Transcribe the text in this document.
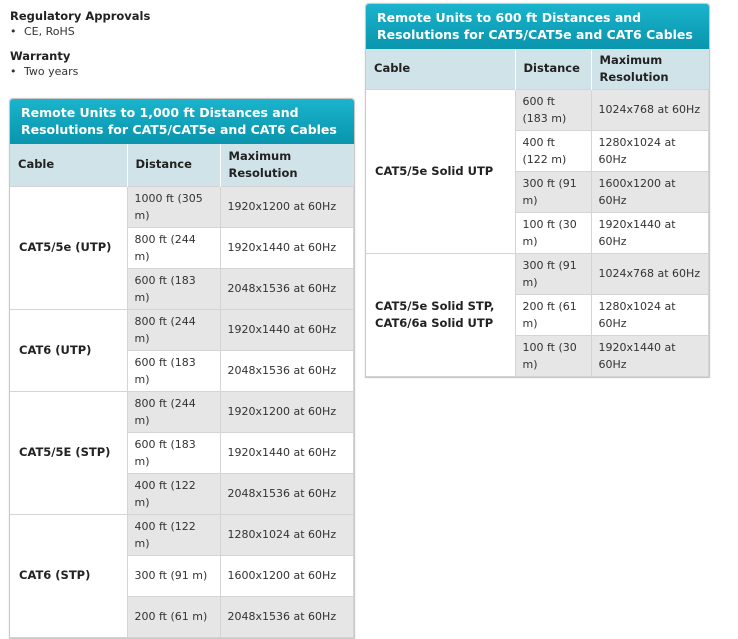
Regulatory Approvals
• CE, RoHS
Warranty
• Two years
Remote Units to 1,000 ft Distances and Resolutions for CAT5/CAT5e and CAT6 Cables
Cable	Distance	Maximum Resolution
CAT5/5e (UTP)	1000 ft (305 m)	1920x1200 at 60Hz
	800 ft (244 m)	1920x1440 at 60Hz
	600 ft (183 m)	2048x1536 at 60Hz
CAT6 (UTP)	800 ft (244 m)	1920x1440 at 60Hz
	600 ft (183 m)	2048x1536 at 60Hz
CAT5/5E (STP)	800 ft (244 m)	1920x1200 at 60Hz
	600 ft (183 m)	1920x1440 at 60Hz
	400 ft (122 m)	2048x1536 at 60Hz
CAT6 (STP)	400 ft (122 m)	1280x1024 at 60Hz
	300 ft (91 m)	1600x1200 at 60Hz
	200 ft (61 m)	2048x1536 at 60Hz
Remote Units to 600 ft Distances and Resolutions for CAT5/CAT5e and CAT6 Cables
Cable	Distance	Maximum Resolution
CAT5/5e Solid UTP	600 ft (183 m)	1024x768 at 60Hz
	400 ft (122 m)	1280x1024 at 60Hz
	300 ft (91 m)	1600x1200 at 60Hz
	100 ft (30 m)	1920x1440 at 60Hz
CAT5/5e Solid STP, CAT6/6a Solid UTP	300 ft (91 m)	1024x768 at 60Hz
	200 ft (61 m)	1280x1024 at 60Hz
	100 ft (30 m)	1920x1440 at 60Hz
